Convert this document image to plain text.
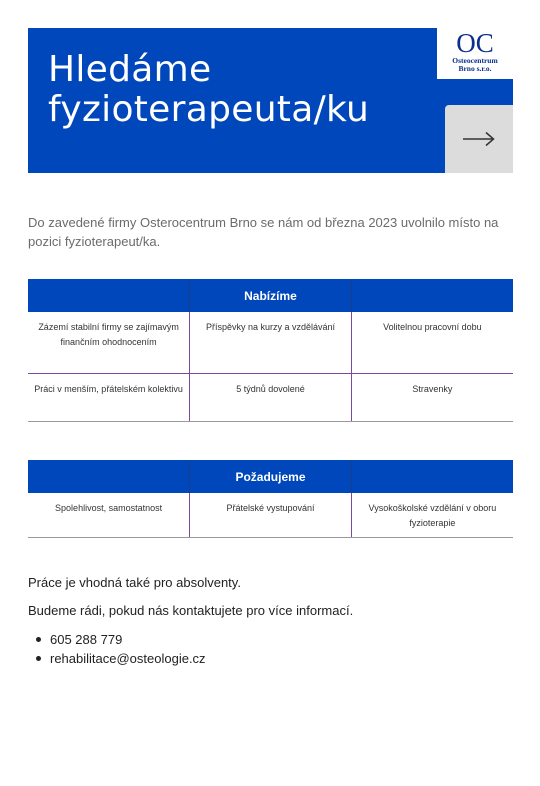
Hledáme fyzioterapeuta/ku
OC
Osteocentrum
Brno s.r.o.

Do zavedené firmy Osterocentrum Brno se nám od března 2023 uvolnilo místo na pozici fyzioterapeut/ka.

	Nabízíme	
Zázemí stabilní firmy se zajímavým finančním ohodnocením	Příspěvky na kurzy a vzdělávání	Volitelnou pracovní dobu
Práci v menším, přátelském kolektivu	5 týdnů dovolené	Stravenky
	Požadujeme	
Spolehlivost, samostatnost	Přátelské vystupování	Vysokoškolské vzdělání v oboru fyzioterapie

Práce je vhodná také pro absolventy.

Budeme rádi, pokud nás kontaktujete pro více informací.

605 288 779
rehabilitace@osteologie.cz
